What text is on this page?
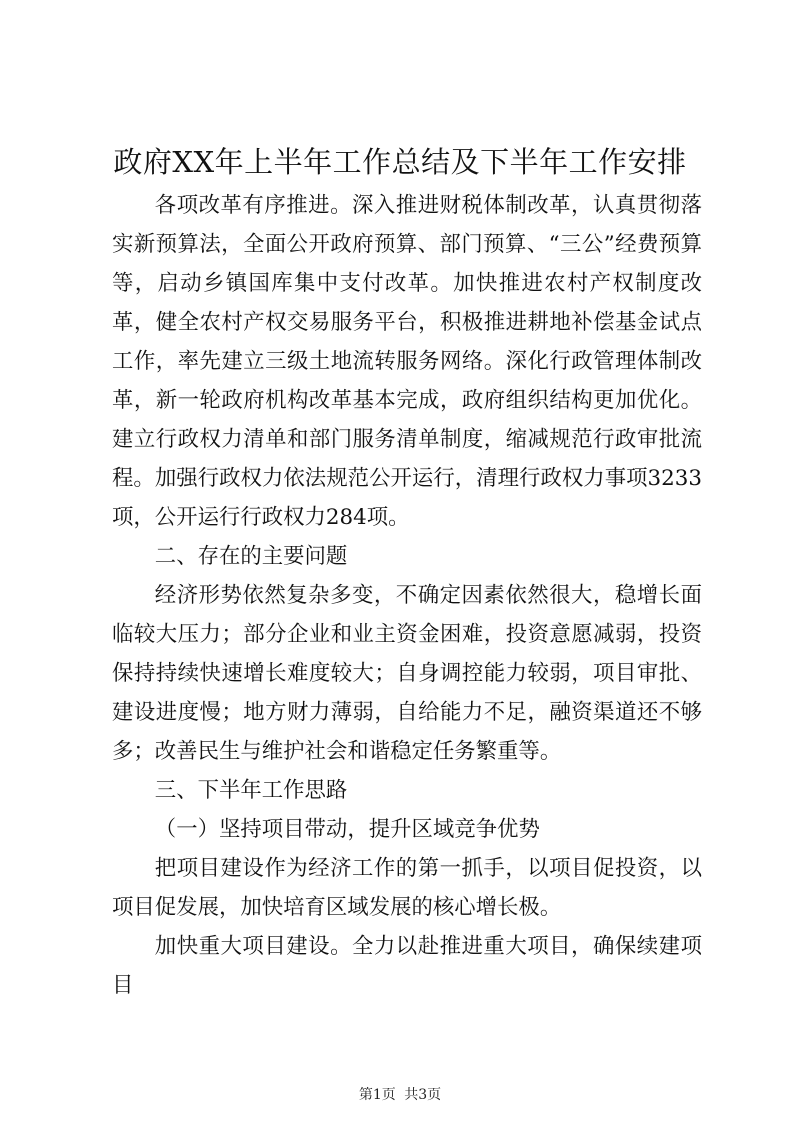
政府XX年上半年工作总结及下半年工作安排

各项改革有序推进。深入推进财税体制改革，认真贯彻落实新预算法，全面公开政府预算、部门预算、“三公”经费预算等，启动乡镇国库集中支付改革。加快推进农村产权制度改革，健全农村产权交易服务平台，积极推进耕地补偿基金试点工作，率先建立三级土地流转服务网络。深化行政管理体制改革，新一轮政府机构改革基本完成，政府组织结构更加优化。建立行政权力清单和部门服务清单制度，缩减规范行政审批流程。加强行政权力依法规范公开运行，清理行政权力事项3233项，公开运行行政权力284项。

二、存在的主要问题

经济形势依然复杂多变，不确定因素依然很大，稳增长面临较大压力；部分企业和业主资金困难，投资意愿减弱，投资保持持续快速增长难度较大；自身调控能力较弱，项目审批、建设进度慢；地方财力薄弱，自给能力不足，融资渠道还不够多；改善民生与维护社会和谐稳定任务繁重等。

三、下半年工作思路

（一）坚持项目带动，提升区域竞争优势

把项目建设作为经济工作的第一抓手，以项目促投资，以项目促发展，加快培育区域发展的核心增长极。

加快重大项目建设。全力以赴推进重大项目，确保续建项目

第1页 共3页
